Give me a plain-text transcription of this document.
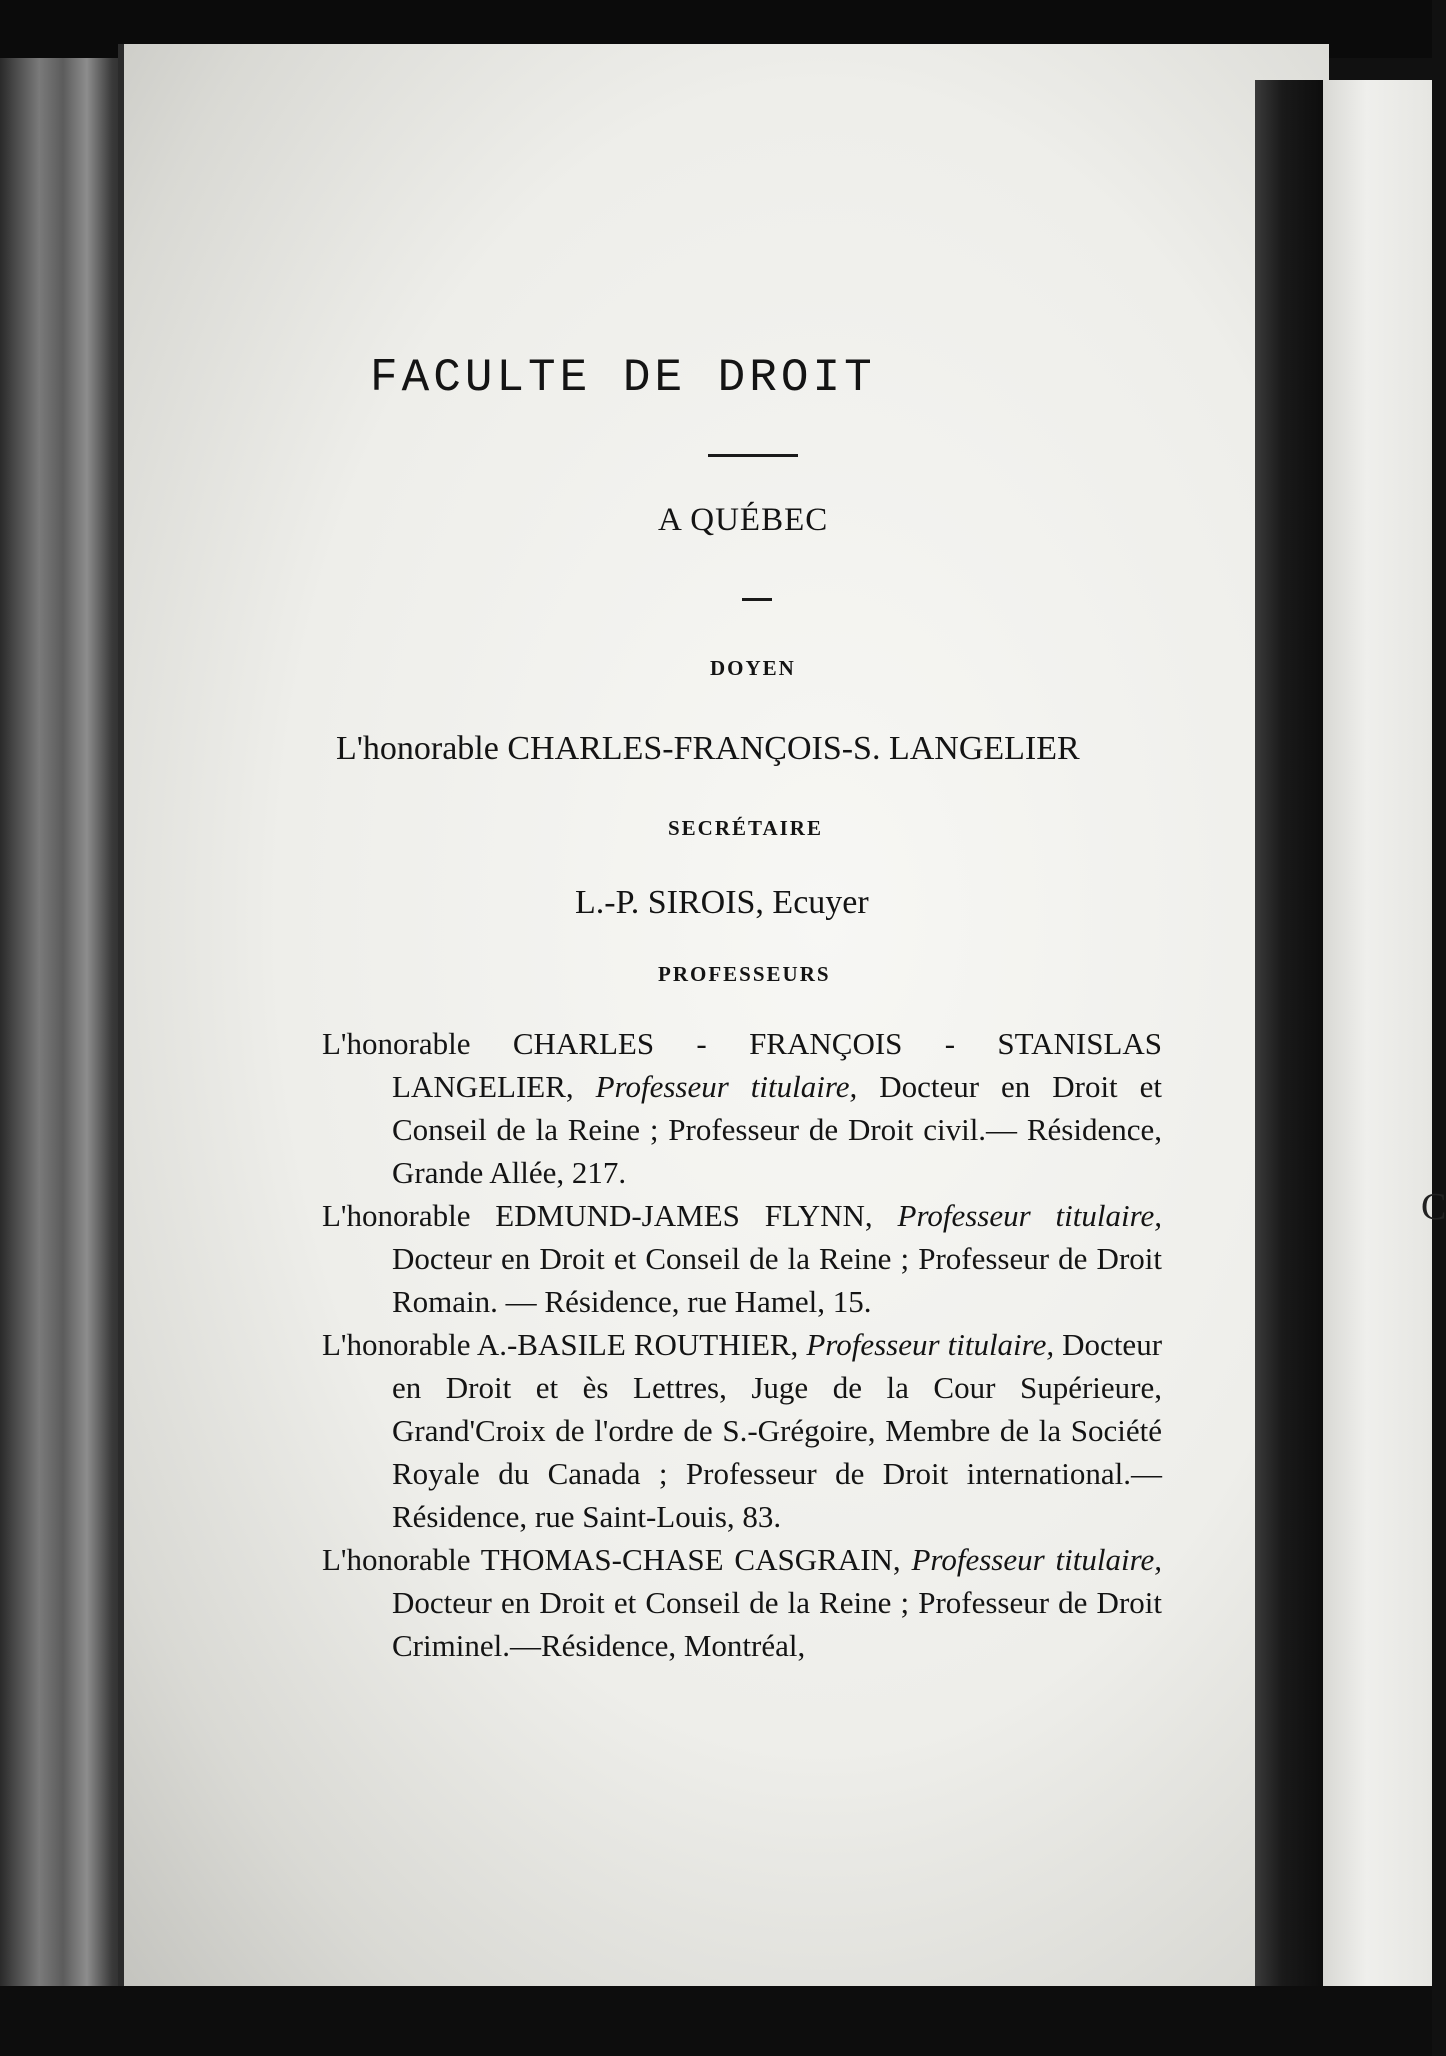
C
FACULTE DE DROIT
A QUÉBEC
DOYEN
L'honorable CHARLES-FRANÇOIS-S. LANGELIER
SECRÉTAIRE
L.-P. SIROIS, Ecuyer
PROFESSEURS

L'honorable CHARLES - FRANÇOIS - STANISLAS LANGELIER, Professeur titulaire, Docteur en Droit et Conseil de la Reine ; Professeur de Droit civil.— Résidence, Grande Allée, 217.

L'honorable EDMUND-JAMES FLYNN, Professeur titulaire, Docteur en Droit et Conseil de la Reine ; Professeur de Droit Romain. — Résidence, rue Hamel, 15.

L'honorable A.-BASILE ROUTHIER, Professeur titulaire, Docteur en Droit et ès Lettres, Juge de la Cour Supérieure, Grand'Croix de l'ordre de S.-Grégoire, Membre de la Société Royale du Canada ; Professeur de Droit international.—Résidence, rue Saint-Louis, 83.

L'honorable THOMAS-CHASE CASGRAIN, Professeur titulaire, Docteur en Droit et Conseil de la Reine ; Professeur de Droit Criminel.—Résidence, Montréal,
